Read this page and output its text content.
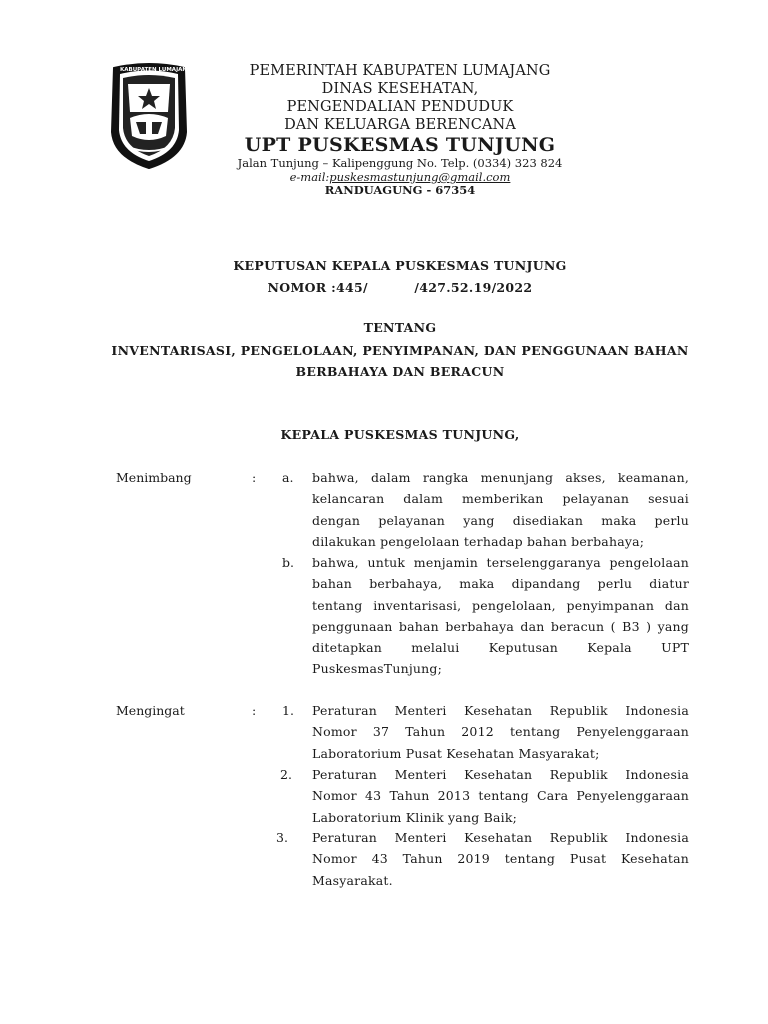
KABUPATEN LUMAJANG	PEMERINTAH KABUPATEN LUMAJANG
DINAS KESEHATAN,
PENGENDALIAN PENDUDUK
DAN KELUARGA BERENCANA
UPT PUSKESMAS TUNJUNG
Jalan Tunjung – Kalipenggung No. Telp. (0334) 323 824
e-mail:puskesmastunjung@gmail.com
RANDUAGUNG - 67354
KEPUTUSAN KEPALA PUSKESMAS TUNJUNG
NOMOR :445/          /427.52.19/2022
TENTANG
INVENTARISASI, PENGELOLAAN, PENYIMPANAN, DAN PENGGUNAAN BAHAN
BERBAHAYA DAN BERACUN
KEPALA PUSKESMAS TUNJUNG,
Menimbang	: a. bahwa, dalam rangka menunjang akses, keamanan,
kelancaran dalam memberikan pelayanan sesuai
dengan pelayanan yang disediakan maka perlu
dilakukan pengelolaan terhadap bahan berbahaya;
b. bahwa, untuk menjamin terselenggaranya pengelolaan
bahan berbahaya, maka dipandang perlu diatur
tentang inventarisasi, pengelolaan, penyimpanan dan
penggunaan bahan berbahaya dan beracun ( B3 ) yang
ditetapkan melalui Keputusan Kepala UPT
PuskesmasTunjung;
Mengingat	: 1. Peraturan Menteri Kesehatan Republik Indonesia
Nomor 37 Tahun 2012 tentang Penyelenggaraan
Laboratorium Pusat Kesehatan Masyarakat;
2. Peraturan Menteri Kesehatan Republik Indonesia
Nomor 43 Tahun 2013 tentang Cara Penyelenggaraan
Laboratorium Klinik yang Baik;
3. Peraturan Menteri Kesehatan Republik Indonesia
Nomor 43 Tahun 2019 tentang Pusat Kesehatan
Masyarakat.
